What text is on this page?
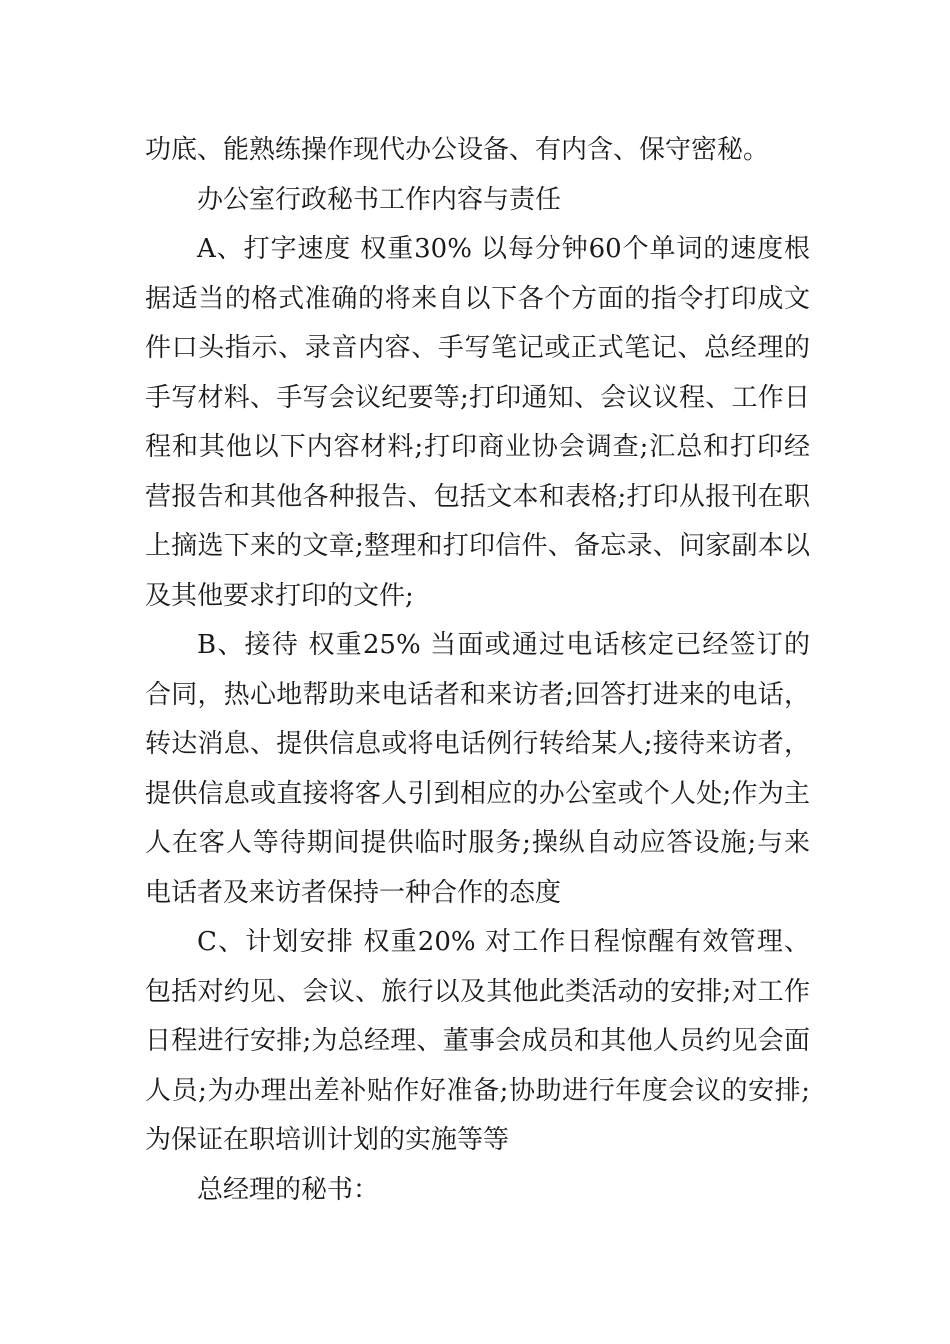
功底、能熟练操作现代办公设备、有内含、保守密秘。

办公室行政秘书工作内容与责任

A、打字速度 权重30% 以每分钟60个单词的速度根据适当的格式准确的将来自以下各个方面的指令打印成文件口头指示、录音内容、手写笔记或正式笔记、总经理的手写材料、手写会议纪要等;打印通知、会议议程、工作日程和其他以下内容材料;打印商业协会调查;汇总和打印经营报告和其他各种报告、包括文本和表格;打印从报刊在职上摘选下来的文章;整理和打印信件、备忘录、问家副本以及其他要求打印的文件;

B、接待 权重25% 当面或通过电话核定已经签订的合同，热心地帮助来电话者和来访者;回答打进来的电话，转达消息、提供信息或将电话例行转给某人;接待来访者，提供信息或直接将客人引到相应的办公室或个人处;作为主人在客人等待期间提供临时服务;操纵自动应答设施;与来电话者及来访者保持一种合作的态度

C、计划安排 权重20% 对工作日程惊醒有效管理、包括对约见、会议、旅行以及其他此类活动的安排;对工作日程进行安排;为总经理、董事会成员和其他人员约见会面人员;为办理出差补贴作好准备;协助进行年度会议的安排;为保证在职培训计划的实施等等

总经理的秘书：
